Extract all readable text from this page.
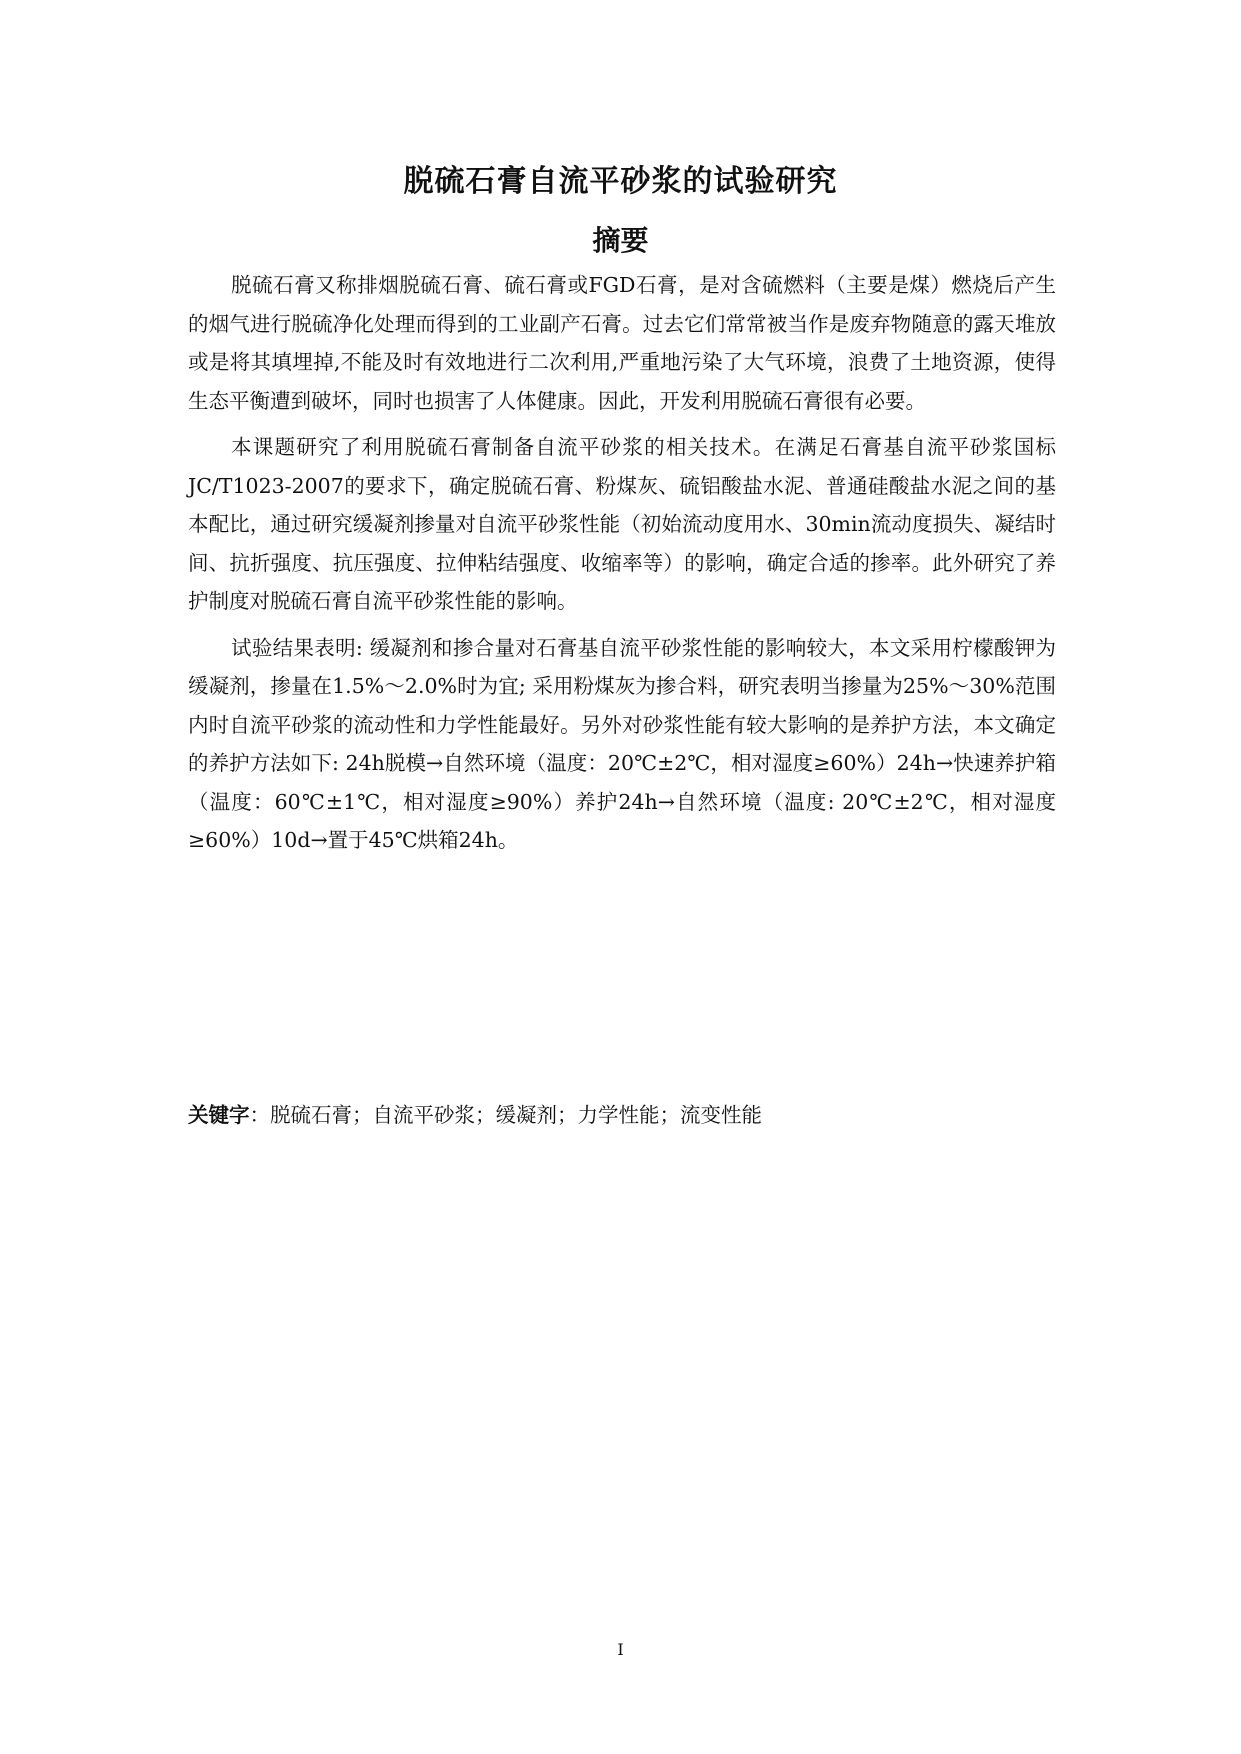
脱硫石膏自流平砂浆的试验研究
摘要

脱硫石膏又称排烟脱硫石膏、硫石膏或FGD石膏，是对含硫燃料（主要是煤）燃烧后产生的烟气进行脱硫净化处理而得到的工业副产石膏。过去它们常常被当作是废弃物随意的露天堆放或是将其填埋掉,不能及时有效地进行二次利用,严重地污染了大气环境，浪费了土地资源，使得生态平衡遭到破坏，同时也损害了人体健康。因此，开发利用脱硫石膏很有必要。

本课题研究了利用脱硫石膏制备自流平砂浆的相关技术。在满足石膏基自流平砂浆国标JC/T1023-2007的要求下，确定脱硫石膏、粉煤灰、硫铝酸盐水泥、普通硅酸盐水泥之间的基本配比，通过研究缓凝剂掺量对自流平砂浆性能（初始流动度用水、30min流动度损失、凝结时间、抗折强度、抗压强度、拉伸粘结强度、收缩率等）的影响，确定合适的掺率。此外研究了养护制度对脱硫石膏自流平砂浆性能的影响。

试验结果表明: 缓凝剂和掺合量对石膏基自流平砂浆性能的影响较大，本文采用柠檬酸钾为缓凝剂，掺量在1.5%～2.0%时为宜; 采用粉煤灰为掺合料，研究表明当掺量为25%～30%范围内时自流平砂浆的流动性和力学性能最好。另外对砂浆性能有较大影响的是养护方法，本文确定的养护方法如下: 24h脱模→自然环境（温度：20℃±2℃，相对湿度≥60%）24h→快速养护箱（温度：60℃±1℃，相对湿度≥90%）养护24h→自然环境（温度: 20℃±2℃，相对湿度≥60%）10d→置于45℃烘箱24h。

关键字：脱硫石膏；自流平砂浆；缓凝剂；力学性能；流变性能

I
